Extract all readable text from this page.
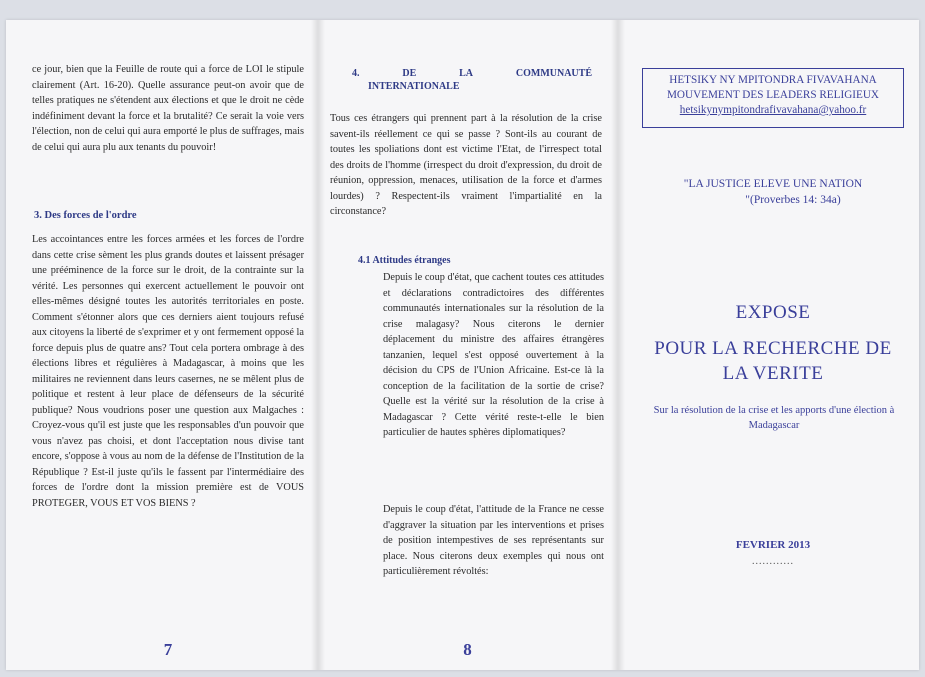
ce jour, bien que la Feuille de route qui a force de LOI le stipule clairement (Art. 16-20). Quelle assurance peut-on avoir que de telles pratiques ne s'étendent aux élections et que le droit ne cède indéfiniment devant la force et la brutalité? Ce serait la voie vers l'élection, non de celui qui aura emporté le plus de suffrages, mais de celui qui aura plu aux tenants du pouvoir!

3. Des forces de l'ordre

Les accointances entre les forces armées et les forces de l'ordre dans cette crise sèment les plus grands doutes et laissent présager une prééminence de la force sur le droit, de la contrainte sur la vérité. Les personnes qui exercent actuellement le pouvoir ont elles-mêmes désigné toutes les autorités territoriales en poste. Comment s'étonner alors que ces derniers aient toujours refusé aux citoyens la liberté de s'exprimer et y ont fermement opposé la force depuis plus de quatre ans? Tout cela portera ombrage à des élections libres et régulières à Madagascar, à moins que les militaires ne reviennent dans leurs casernes, ne se mêlent plus de politique et restent à leur place de défenseurs de la sécurité publique? Nous voudrions poser une question aux Malgaches : Croyez-vous qu'il est juste que les responsables d'un pouvoir que vous n'avez pas choisi, et dont l'acceptation nous divise tant encore, s'oppose à vous au nom de la défense de l'Institution de la République ? Est-il juste qu'ils le fassent par l'intermédiaire des forces de l'ordre dont la mission première est de VOUS PROTEGER, VOUS ET VOS BIENS ?

7
4.	DE	LA	COMMUNAUTÉ
INTERNATIONALE

Tous ces étrangers qui prennent part à la résolution de la crise savent-ils réellement ce qui se passe ? Sont-ils au courant de toutes les spoliations dont est victime l'Etat, de l'irrespect total des droits de l'homme (irrespect du droit d'expression, du droit de réunion, oppression, menaces, utilisation de la force et d'armes lourdes) ? Respectent-ils vraiment l'impartialité en la circonstance?

4.1 Attitudes étranges

Depuis le coup d'état, que cachent toutes ces attitudes et déclarations contradictoires des différentes communautés internationales sur la résolution de la crise malagasy? Nous citerons le dernier déplacement du ministre des affaires étrangères tanzanien, lequel s'est opposé ouvertement à la décision du CPS de l'Union Africaine. Est-ce là la conception de la facilitation de la sortie de crise? Quelle est la vérité sur la résolution de la crise à Madagascar ? Cette vérité reste-t-elle le bien particulier de hautes sphères diplomatiques?

Depuis le coup d'état, l'attitude de la France ne cesse d'aggraver la situation par les interventions et prises de position intempestives de ses représentants sur place. Nous citerons deux exemples qui nous ont particulièrement révoltés:

8
HETSIKY NY MPITONDRA FIVAVAHANA
MOUVEMENT DES LEADERS RELIGIEUX
hetsikynympitondrafivavahana@yahoo.fr
"LA JUSTICE ELEVE UNE NATION
"(Proverbes 14: 34a)
EXPOSE
POUR LA RECHERCHE DE
LA VERITE
Sur la résolution de la crise et les apports d'une élection à Madagascar
FEVRIER 2013
............
